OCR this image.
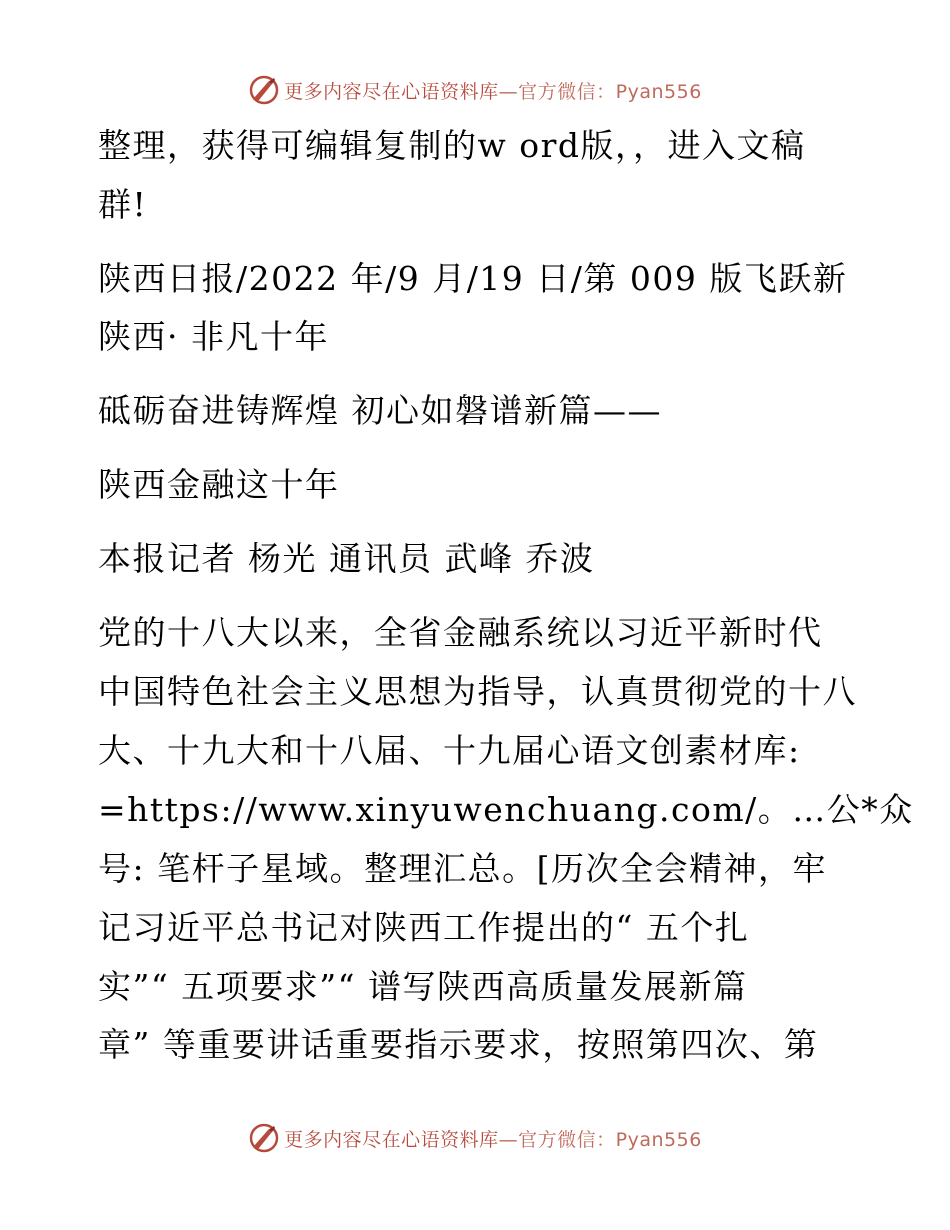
更多内容尽在心语资料库—官方微信：Pyan556
整理，获得可编辑复制的w ord版，，进入文稿
群!
陕西日报/2022 年/9 月/19 日/第 009 版飞跃新
陕西· 非凡十年
砥砺奋进铸辉煌 初心如磐谱新篇——
陕西金融这十年
本报记者 杨光 通讯员 武峰 乔波
党的十八大以来，全省金融系统以习近平新时代
中国特色社会主义思想为指导，认真贯彻党的十八
大、十九大和十八届、十九届心语文创素材库:
=https://www.xinyuwenchuang.com/。…公*众
号: 笔杆子星域。整理汇总。[历次全会精神，牢
记习近平总书记对陕西工作提出的“ 五个扎
实”“ 五项要求”“ 谱写陕西高质量发展新篇
章” 等重要讲话重要指示要求，按照第四次、第
更多内容尽在心语资料库—官方微信：Pyan556
